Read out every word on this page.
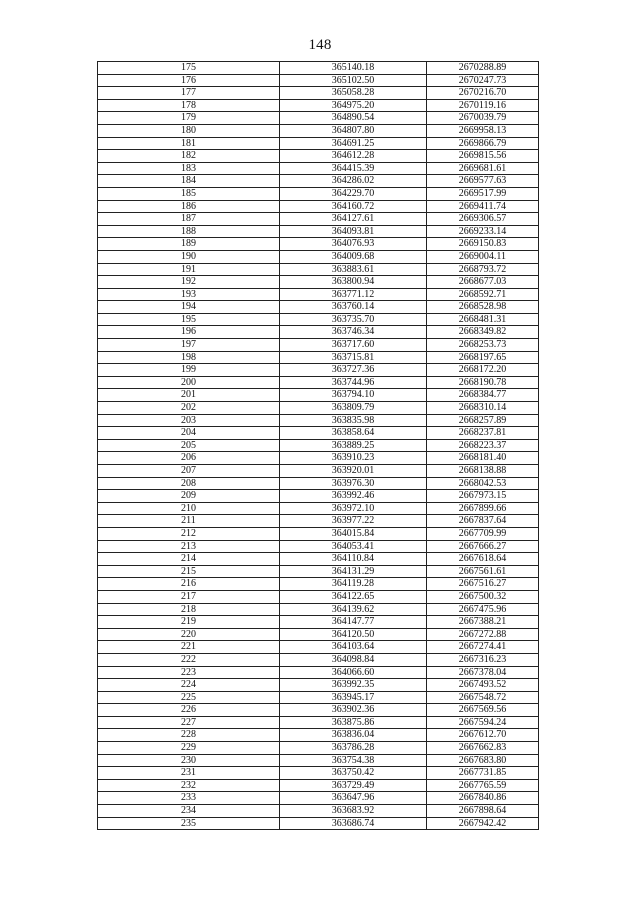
148
175	365140.18	2670288.89
176	365102.50	2670247.73
177	365058.28	2670216.70
178	364975.20	2670119.16
179	364890.54	2670039.79
180	364807.80	2669958.13
181	364691.25	2669866.79
182	364612.28	2669815.56
183	364415.39	2669681.61
184	364286.02	2669577.63
185	364229.70	2669517.99
186	364160.72	2669411.74
187	364127.61	2669306.57
188	364093.81	2669233.14
189	364076.93	2669150.83
190	364009.68	2669004.11
191	363883.61	2668793.72
192	363800.94	2668677.03
193	363771.12	2668592.71
194	363760.14	2668528.98
195	363735.70	2668481.31
196	363746.34	2668349.82
197	363717.60	2668253.73
198	363715.81	2668197.65
199	363727.36	2668172.20
200	363744.96	2668190.78
201	363794.10	2668384.77
202	363809.79	2668310.14
203	363835.98	2668257.89
204	363858.64	2668237.81
205	363889.25	2668223.37
206	363910.23	2668181.40
207	363920.01	2668138.88
208	363976.30	2668042.53
209	363992.46	2667973.15
210	363972.10	2667899.66
211	363977.22	2667837.64
212	364015.84	2667709.99
213	364053.41	2667666.27
214	364110.84	2667618.64
215	364131.29	2667561.61
216	364119.28	2667516.27
217	364122.65	2667500.32
218	364139.62	2667475.96
219	364147.77	2667388.21
220	364120.50	2667272.88
221	364103.64	2667274.41
222	364098.84	2667316.23
223	364066.60	2667378.04
224	363992.35	2667493.52
225	363945.17	2667548.72
226	363902.36	2667569.56
227	363875.86	2667594.24
228	363836.04	2667612.70
229	363786.28	2667662.83
230	363754.38	2667683.80
231	363750.42	2667731.85
232	363729.49	2667765.59
233	363647.96	2667840.86
234	363683.92	2667898.64
235	363686.74	2667942.42
